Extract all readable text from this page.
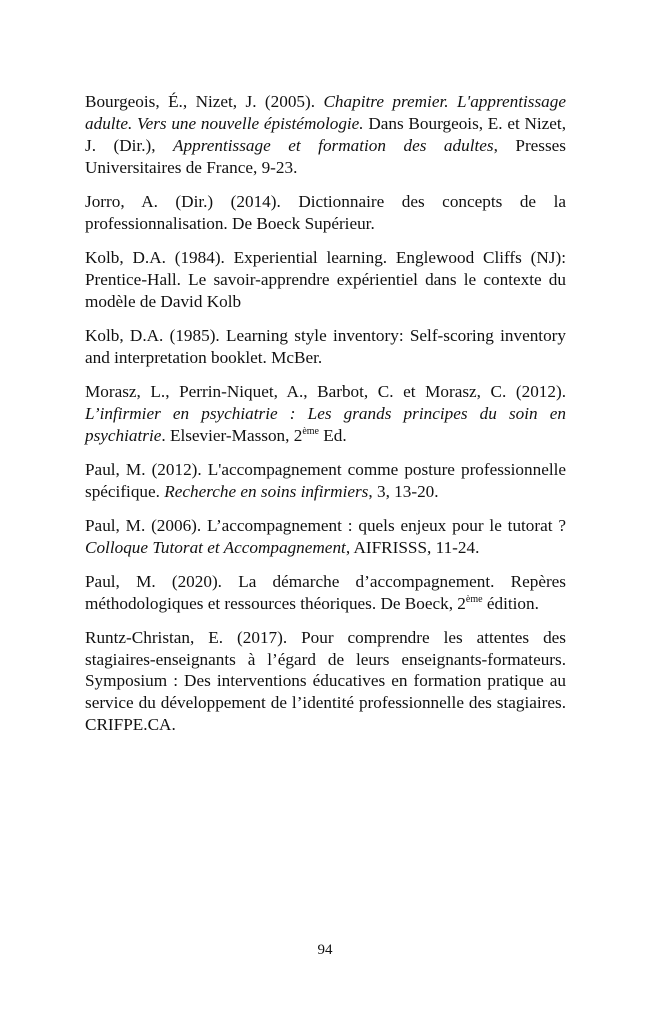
Bourgeois, É., Nizet, J. (2005). Chapitre premier. L'apprentissage adulte. Vers une nouvelle épistémologie. Dans Bourgeois, E. et Nizet, J. (Dir.), Apprentissage et formation des adultes, Presses Universitaires de France, 9-23.

Jorro, A. (Dir.) (2014). Dictionnaire des concepts de la professionnalisation. De Boeck Supérieur.

Kolb, D.A. (1984). Experiential learning. Englewood Cliffs (NJ): Prentice-Hall. Le savoir-apprendre expérientiel dans le contexte du modèle de David Kolb

Kolb, D.A. (1985). Learning style inventory: Self-scoring inventory and interpretation booklet. McBer.

Morasz, L., Perrin-Niquet, A., Barbot, C. et Morasz, C. (2012). L’infirmier en psychiatrie : Les grands principes du soin en psychiatrie. Elsevier-Masson, 2ème Ed.

Paul, M. (2012). L'accompagnement comme posture professionnelle spécifique. Recherche en soins infirmiers, 3, 13-20.

Paul, M. (2006). L’accompagnement : quels enjeux pour le tutorat ? Colloque Tutorat et Accompagnement, AIFRISSS, 11-24.

Paul, M. (2020). La démarche d’accompagnement. Repères méthodologiques et ressources théoriques. De Boeck, 2ème édition.

Runtz-Christan, E. (2017). Pour comprendre les attentes des stagiaires-enseignants à l’égard de leurs enseignants-formateurs. Symposium : Des interventions éducatives en formation pratique au service du développement de l’identité professionnelle des stagiaires. CRIFPE.CA.

94
